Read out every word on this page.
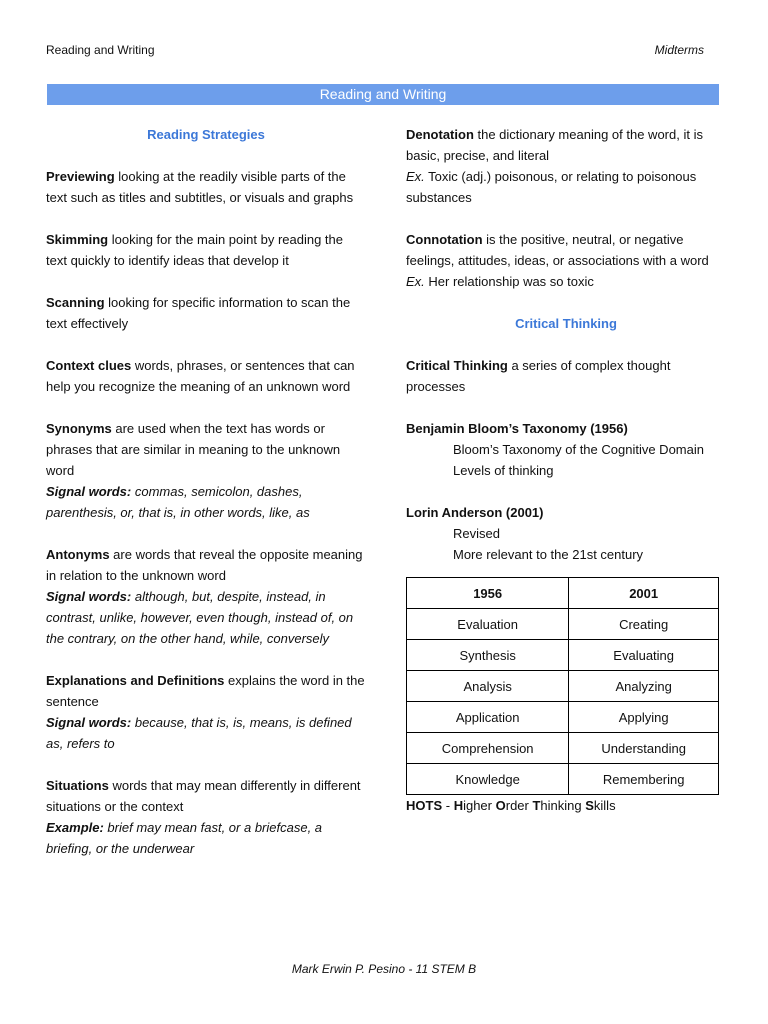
Reading and Writing	Midterms
Reading and Writing
Reading Strategies

Previewing looking at the readily visible parts of the text such as titles and subtitles, or visuals and graphs

Skimming looking for the main point by reading the text quickly to identify ideas that develop it

Scanning looking for specific information to scan the text effectively

Context clues words, phrases, or sentences that can help you recognize the meaning of an unknown word

Synonyms are used when the text has words or phrases that are similar in meaning to the unknown word
Signal words: commas, semicolon, dashes, parenthesis, or, that is, in other words, like, as

Antonyms are words that reveal the opposite meaning in relation to the unknown word
Signal words: although, but, despite, instead, in contrast, unlike, however, even though, instead of, on the contrary, on the other hand, while, conversely

Explanations and Definitions explains the word in the sentence
Signal words: because, that is, is, means, is defined as, refers to

Situations words that may mean differently in different situations or the context
Example: brief may mean fast, or a briefcase, a briefing, or the underwear

Denotation the dictionary meaning of the word, it is basic, precise, and literal
Ex. Toxic (adj.) poisonous, or relating to poisonous substances

Connotation is the positive, neutral, or negative feelings, attitudes, ideas, or associations with a word
Ex. Her relationship was so toxic

Critical Thinking

Critical Thinking a series of complex thought processes

Benjamin Bloom’s Taxonomy (1956)

Bloom’s Taxonomy of the Cognitive Domain
Levels of thinking

Lorin Anderson (2001)

Revised
More relevant to the 21st century

1956	2001
Evaluation	Creating
Synthesis	Evaluating
Analysis	Analyzing
Application	Applying
Comprehension	Understanding
Knowledge	Remembering

HOTS - Higher Order Thinking Skills

Mark Erwin P. Pesino - 11 STEM B
